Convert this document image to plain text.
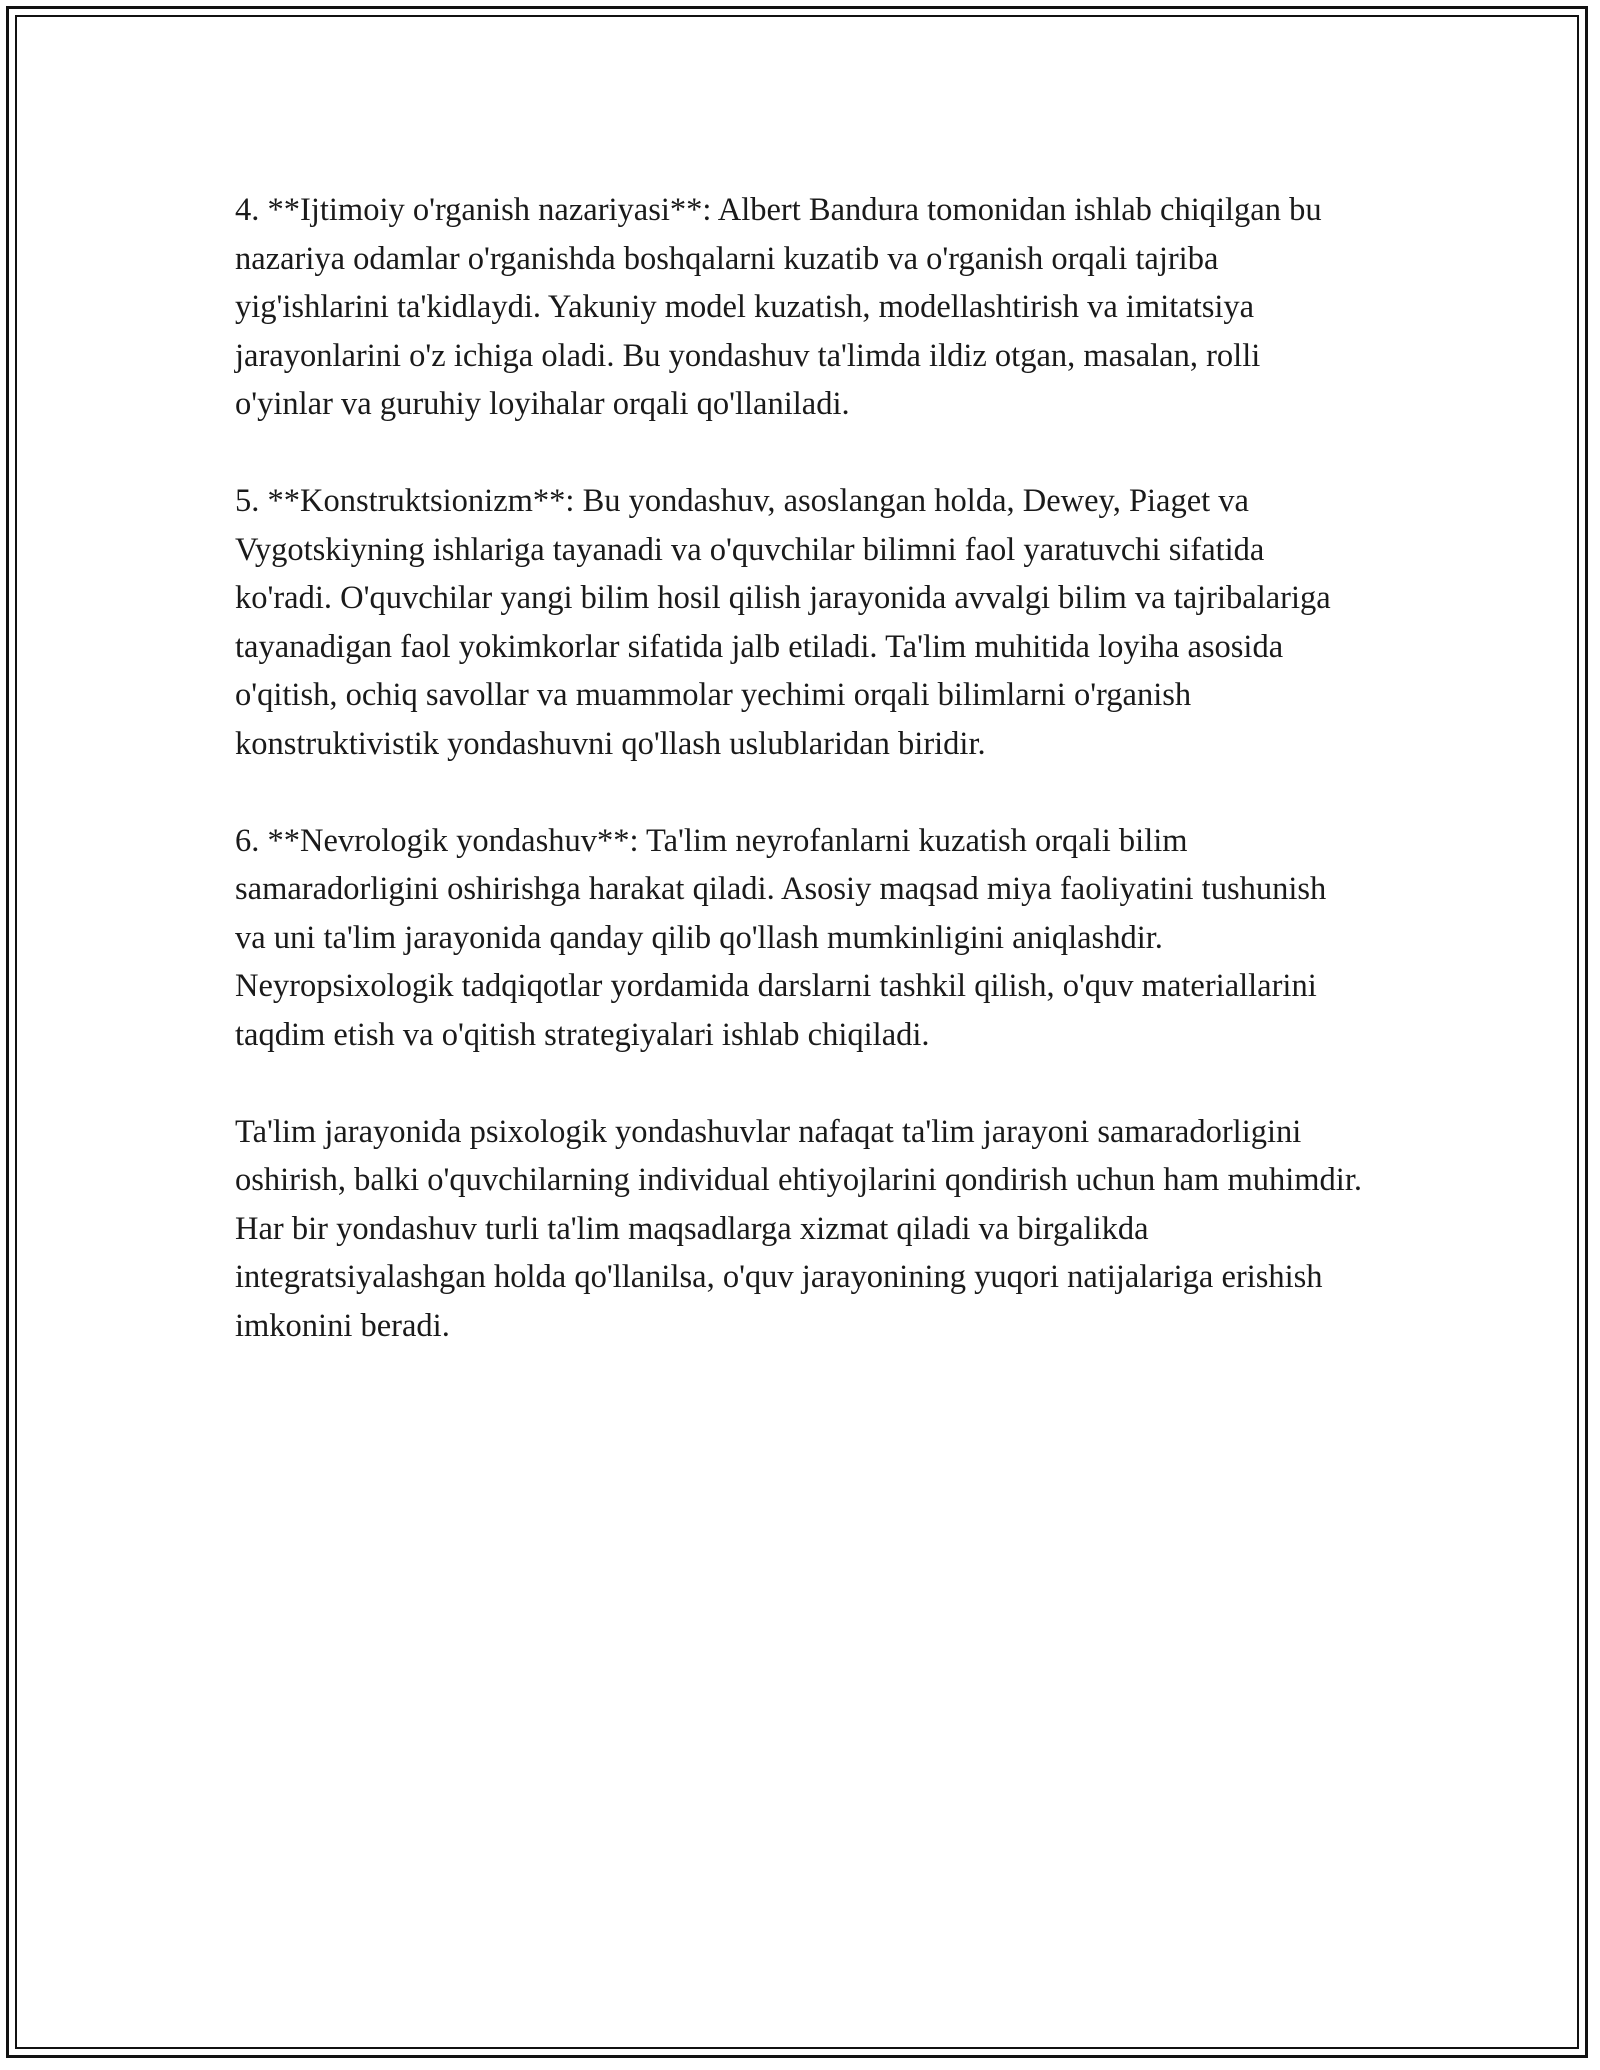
4. **Ijtimoiy o'rganish nazariyasi**: Albert Bandura tomonidan ishlab chiqilgan bu nazariya odamlar o'rganishda boshqalarni kuzatib va o'rganish orqali tajriba yig'ishlarini ta'kidlaydi. Yakuniy model kuzatish, modellashtirish va imitatsiya jarayonlarini o'z ichiga oladi. Bu yondashuv ta'limda ildiz otgan, masalan, rolli o'yinlar va guruhiy loyihalar orqali qo'llaniladi.

5. **Konstruktsionizm**: Bu yondashuv, asoslangan holda, Dewey, Piaget va Vygotskiyning ishlariga tayanadi va o'quvchilar bilimni faol yaratuvchi sifatida ko'radi. O'quvchilar yangi bilim hosil qilish jarayonida avvalgi bilim va tajribalariga tayanadigan faol yokimkorlar sifatida jalb etiladi. Ta'lim muhitida loyiha asosida o'qitish, ochiq savollar va muammolar yechimi orqali bilimlarni o'rganish konstruktivistik yondashuvni qo'llash uslublaridan biridir.

6. **Nevrologik yondashuv**: Ta'lim neyrofanlarni kuzatish orqali bilim samaradorligini oshirishga harakat qiladi. Asosiy maqsad miya faoliyatini tushunish va uni ta'lim jarayonida qanday qilib qo'llash mumkinligini aniqlashdir. Neyropsixologik tadqiqotlar yordamida darslarni tashkil qilish, o'quv materiallarini taqdim etish va o'qitish strategiyalari ishlab chiqiladi.

Ta'lim jarayonida psixologik yondashuvlar nafaqat ta'lim jarayoni samaradorligini oshirish, balki o'quvchilarning individual ehtiyojlarini qondirish uchun ham muhimdir. Har bir yondashuv turli ta'lim maqsadlarga xizmat qiladi va birgalikda integratsiyalashgan holda qo'llanilsa, o'quv jarayonining yuqori natijalariga erishish imkonini beradi.
